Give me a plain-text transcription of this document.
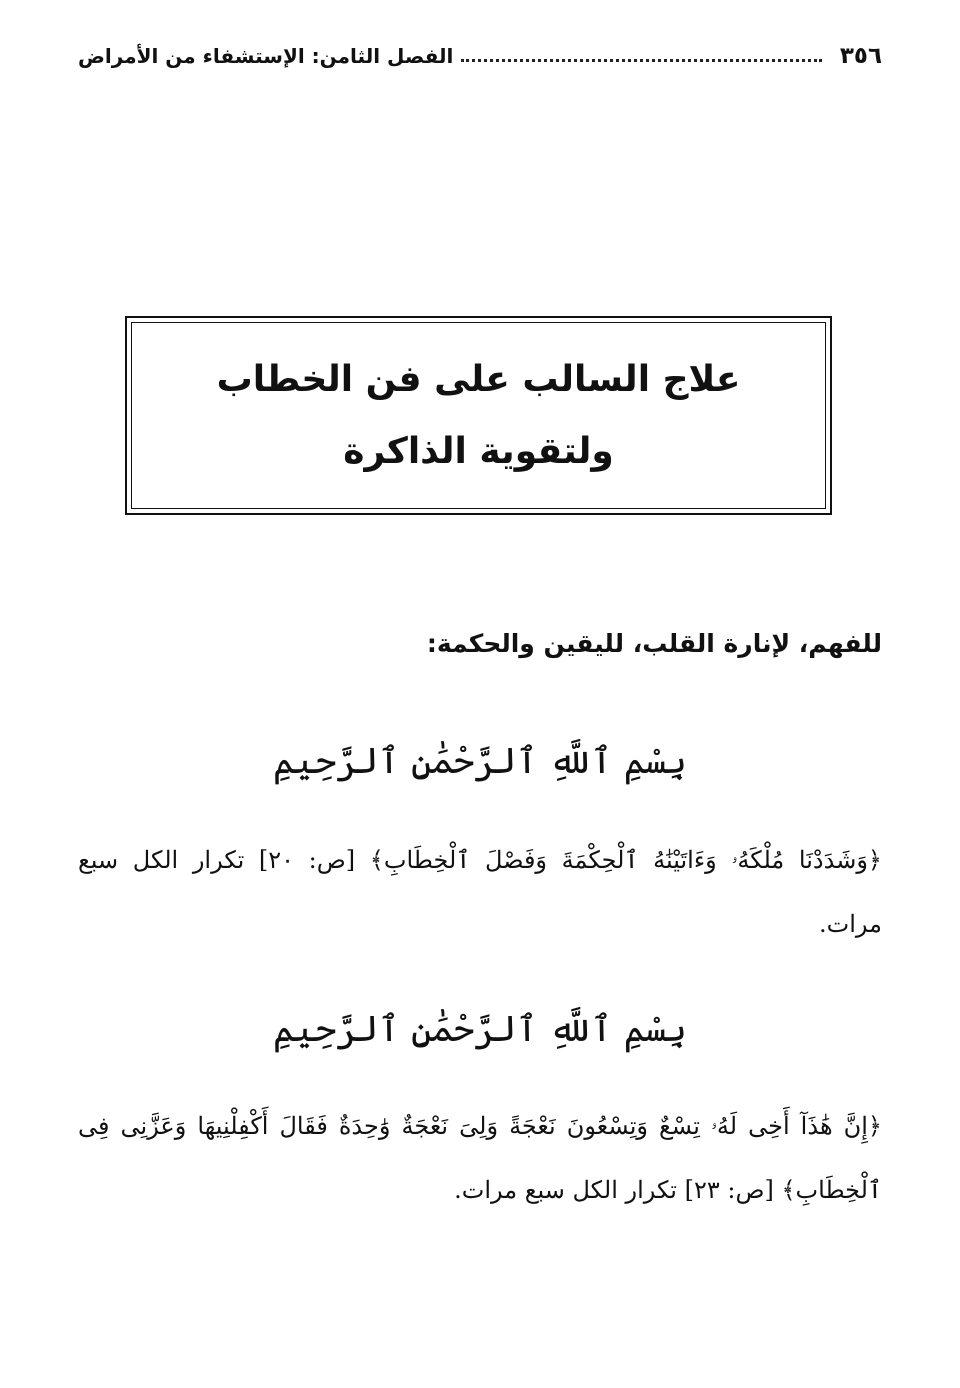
٣٥٦
الفصل الثامن: الإستشفاء من الأمراض
علاج السالب على فن الخطاب
ولتقوية الذاكرة
للفهم، لإنارة القلب، لليقين والحكمة:
بِسْمِ ٱللَّهِ ٱلرَّحْمَٰنِ ٱلرَّحِيمِ
﴿وَشَدَدْنَا مُلْكَهُۥ وَءَاتَيْنَٰهُ ٱلْحِكْمَةَ وَفَصْلَ ٱلْخِطَابِ﴾ [ص: ٢٠] تكرار الكل سبع مرات.
بِسْمِ ٱللَّهِ ٱلرَّحْمَٰنِ ٱلرَّحِيمِ
﴿إِنَّ هَٰذَآ أَخِى لَهُۥ تِسْعٌ وَتِسْعُونَ نَعْجَةً وَلِىَ نَعْجَةٌ وَٰحِدَةٌ فَقَالَ أَكْفِلْنِيهَا وَعَزَّنِى فِى ٱلْخِطَابِ﴾ [ص: ٢٣] تكرار الكل سبع مرات.
